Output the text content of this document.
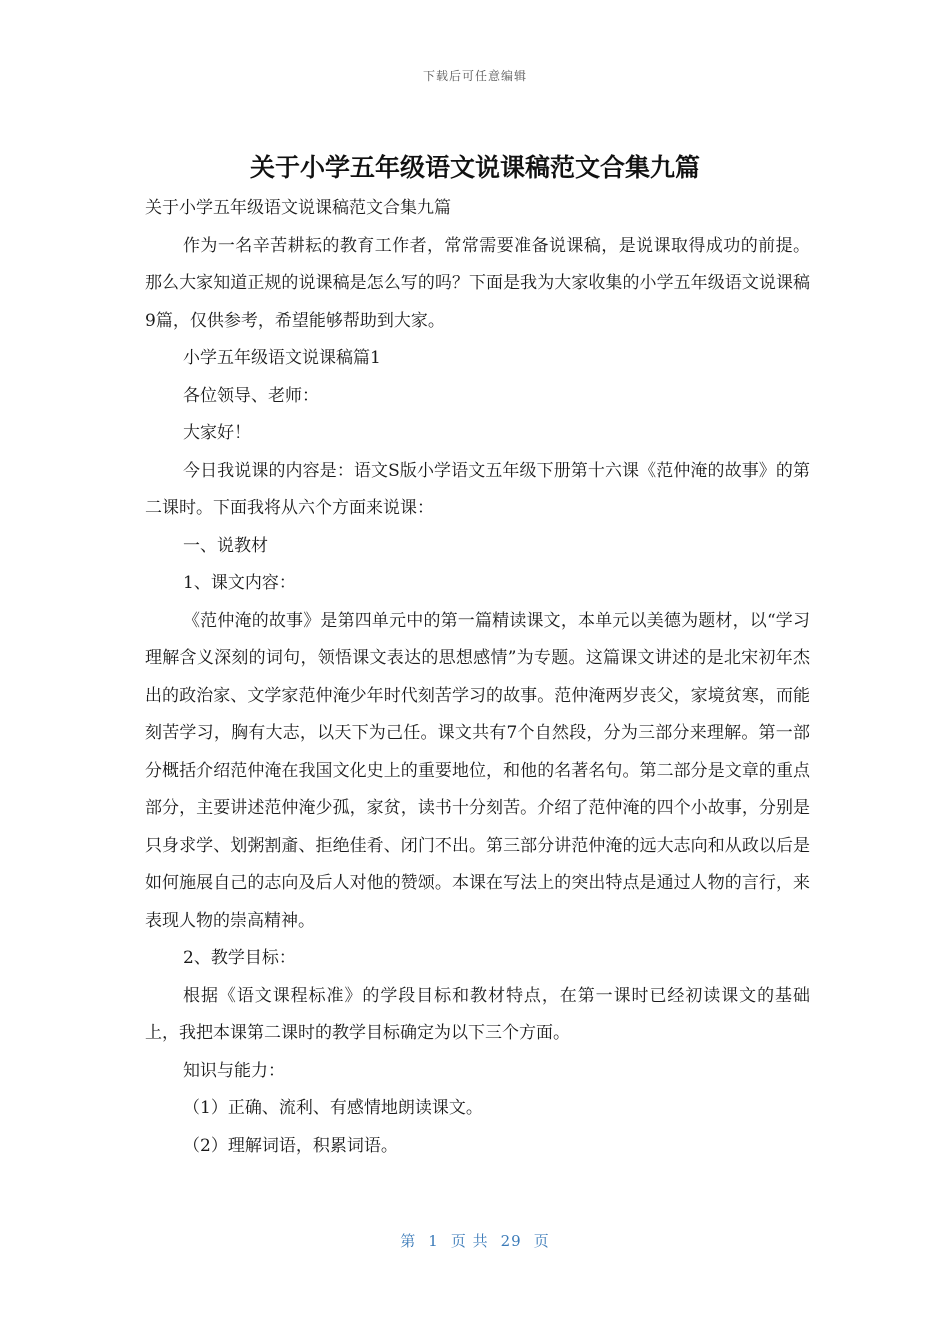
下载后可任意编辑
关于小学五年级语文说课稿范文合集九篇

关于小学五年级语文说课稿范文合集九篇

作为一名辛苦耕耘的教育工作者，常常需要准备说课稿，是说课取得成功的前提。那么大家知道正规的说课稿是怎么写的吗？下面是我为大家收集的小学五年级语文说课稿9篇，仅供参考，希望能够帮助到大家。

小学五年级语文说课稿篇1

各位领导、老师：

大家好！

今日我说课的内容是：语文S版小学语文五年级下册第十六课《范仲淹的故事》的第二课时。下面我将从六个方面来说课：

一、说教材

1、课文内容：

《范仲淹的故事》是第四单元中的第一篇精读课文，本单元以美德为题材，以“学习理解含义深刻的词句，领悟课文表达的思想感情”为专题。这篇课文讲述的是北宋初年杰出的政治家、文学家范仲淹少年时代刻苦学习的故事。范仲淹两岁丧父，家境贫寒，而能刻苦学习，胸有大志，以天下为己任。课文共有7个自然段，分为三部分来理解。第一部分概括介绍范仲淹在我国文化史上的重要地位，和他的名著名句。第二部分是文章的重点部分，主要讲述范仲淹少孤，家贫，读书十分刻苦。介绍了范仲淹的四个小故事，分别是只身求学、划粥割齑、拒绝佳肴、闭门不出。第三部分讲范仲淹的远大志向和从政以后是如何施展自己的志向及后人对他的赞颂。本课在写法上的突出特点是通过人物的言行，来表现人物的崇高精神。

2、教学目标：

根据《语文课程标准》的学段目标和教材特点，在第一课时已经初读课文的基础上，我把本课第二课时的教学目标确定为以下三个方面。

知识与能力：

（1）正确、流利、有感情地朗读课文。

（2）理解词语，积累词语。

第 1 页 共 29 页
